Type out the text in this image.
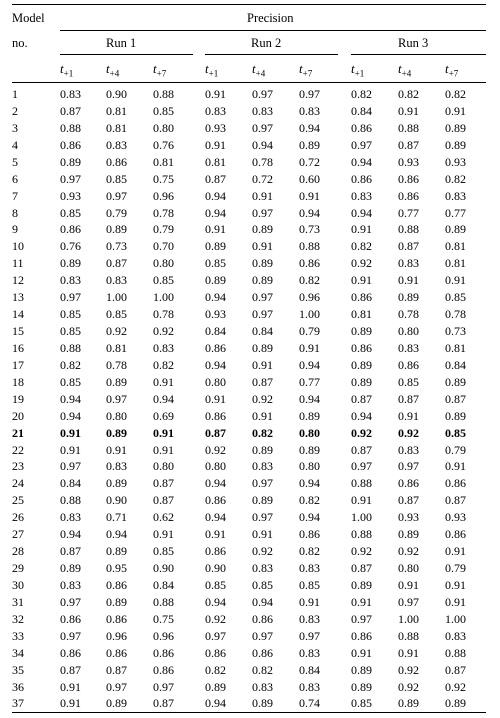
Model
no.
Precision
Run 1	Run 2	Run 3
$t_{+1}$	$t_{+4}$	$t_{+7}$	$t_{+1}$	$t_{+4}$	$t_{+7}$	$t_{+1}$	$t_{+4}$	$t_{+7}$
1	0.83 0.90 0.88	0.91 0.97 0.97	0.82 0.82 0.82
2	0.87 0.81 0.85	0.83 0.83 0.83	0.84 0.91 0.91
3	0.88 0.81 0.80	0.93 0.97 0.94	0.86 0.88 0.89
4	0.86 0.83 0.76	0.91 0.94 0.89	0.97 0.87 0.89
5	0.89 0.86 0.81	0.81 0.78 0.72	0.94 0.93 0.93
6	0.97 0.85 0.75	0.87 0.72 0.60	0.86 0.86 0.82
7	0.93 0.97 0.96	0.94 0.91 0.91	0.83 0.86 0.83
8	0.85 0.79 0.78	0.94 0.97 0.94	0.94 0.77 0.77
9	0.86 0.89 0.79	0.91 0.89 0.73	0.91 0.88 0.89
10	0.76 0.73 0.70	0.89 0.91 0.88	0.82 0.87 0.81
11	0.89 0.87 0.80	0.85 0.89 0.86	0.92 0.83 0.81
12	0.83 0.83 0.85	0.89 0.89 0.82	0.91 0.91 0.91
13	0.97 1.00 1.00	0.94 0.97 0.96	0.86 0.89 0.85
14	0.85 0.85 0.78	0.93 0.97 1.00	0.81 0.78 0.78
15	0.85 0.92 0.92	0.84 0.84 0.79	0.89 0.80 0.73
16	0.88 0.81 0.83	0.86 0.89 0.91	0.86 0.83 0.81
17	0.82 0.78 0.82	0.94 0.91 0.94	0.89 0.86 0.84
18	0.85 0.89 0.91	0.80 0.87 0.77	0.89 0.85 0.89
19	0.94 0.97 0.94	0.91 0.92 0.94	0.87 0.87 0.87
20	0.94 0.80 0.69	0.86 0.91 0.89	0.94 0.91 0.89
21	0.91 0.89 0.91	0.87 0.82 0.80	0.92 0.92 0.85
22	0.91 0.91 0.91	0.92 0.89 0.89	0.87 0.83 0.79
23	0.97 0.83 0.80	0.80 0.83 0.80	0.97 0.97 0.91
24	0.84 0.89 0.87	0.94 0.97 0.94	0.88 0.86 0.86
25	0.88 0.90 0.87	0.86 0.89 0.82	0.91 0.87 0.87
26	0.83 0.71 0.62	0.94 0.97 0.94	1.00 0.93 0.93
27	0.94 0.94 0.91	0.91 0.91 0.86	0.88 0.89 0.86
28	0.87 0.89 0.85	0.86 0.92 0.82	0.92 0.92 0.91
29	0.89 0.95 0.90	0.90 0.83 0.83	0.87 0.80 0.79
30	0.83 0.86 0.84	0.85 0.85 0.85	0.89 0.91 0.91
31	0.97 0.89 0.88	0.94 0.94 0.91	0.91 0.97 0.91
32	0.86 0.86 0.75	0.92 0.86 0.83	0.97 1.00 1.00
33	0.97 0.96 0.96	0.97 0.97 0.97	0.86 0.88 0.83
34	0.86 0.86 0.86	0.86 0.86 0.83	0.91 0.91 0.88
35	0.87 0.87 0.86	0.82 0.82 0.84	0.89 0.92 0.87
36	0.91 0.97 0.97	0.89 0.83 0.83	0.89 0.92 0.92
37	0.91 0.89 0.87	0.94 0.89 0.74	0.85 0.89 0.89
